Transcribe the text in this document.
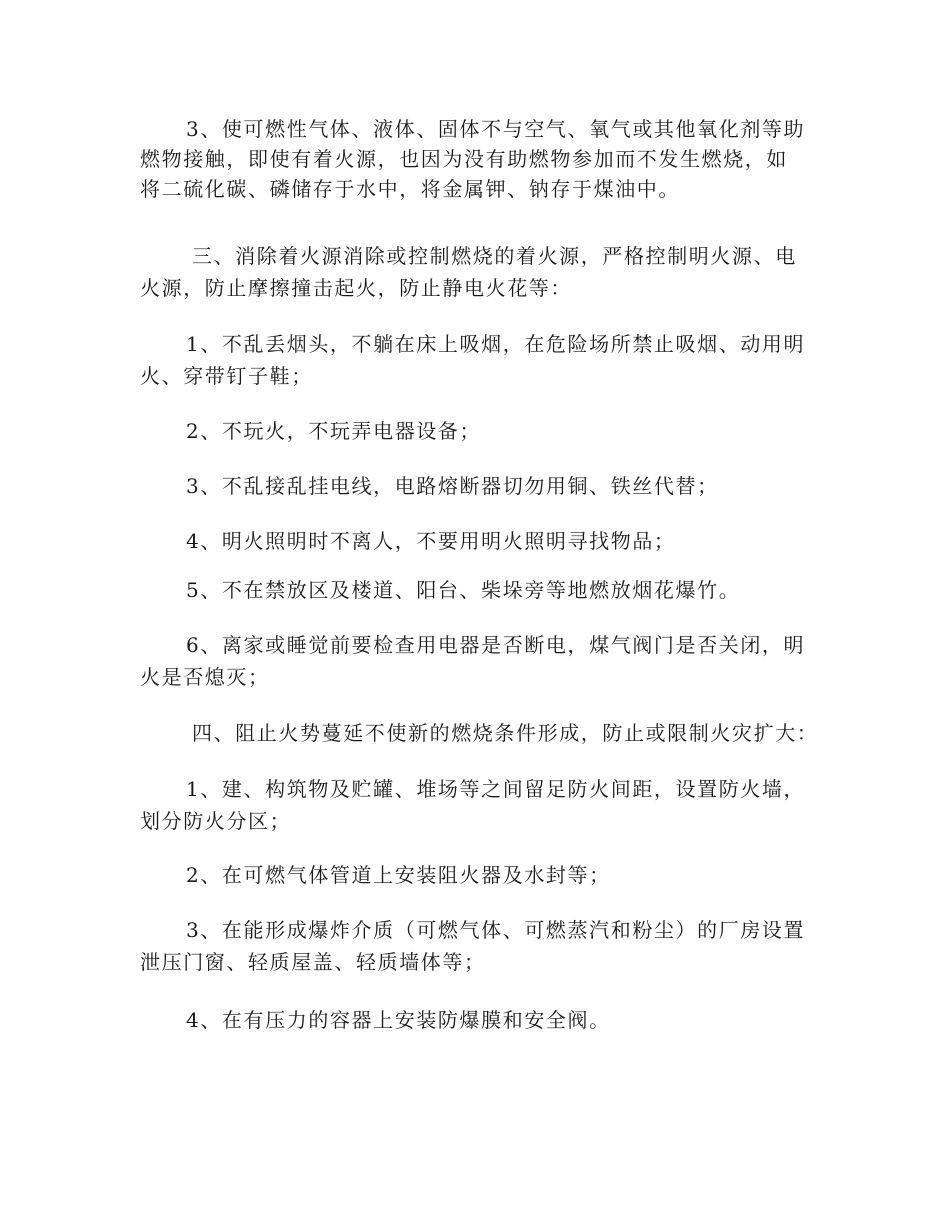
3、使可燃性气体、液体、固体不与空气、氧气或其他氧化剂等助
燃物接触，即使有着火源，也因为没有助燃物参加而不发生燃烧，如
将二硫化碳、磷储存于水中，将金属钾、钠存于煤油中。

三、消除着火源消除或控制燃烧的着火源，严格控制明火源、电
火源，防止摩擦撞击起火，防止静电火花等：

1、不乱丢烟头，不躺在床上吸烟，在危险场所禁止吸烟、动用明
火、穿带钉子鞋；

2、不玩火，不玩弄电器设备；

3、不乱接乱挂电线，电路熔断器切勿用铜、铁丝代替；

4、明火照明时不离人，不要用明火照明寻找物品；

5、不在禁放区及楼道、阳台、柴垛旁等地燃放烟花爆竹。

6、离家或睡觉前要检查用电器是否断电，煤气阀门是否关闭，明
火是否熄灭；

四、阻止火势蔓延不使新的燃烧条件形成，防止或限制火灾扩大：

1、建、构筑物及贮罐、堆场等之间留足防火间距，设置防火墙，
划分防火分区；

2、在可燃气体管道上安装阻火器及水封等；

3、在能形成爆炸介质（可燃气体、可燃蒸汽和粉尘）的厂房设置
泄压门窗、轻质屋盖、轻质墙体等；

4、在有压力的容器上安装防爆膜和安全阀。
